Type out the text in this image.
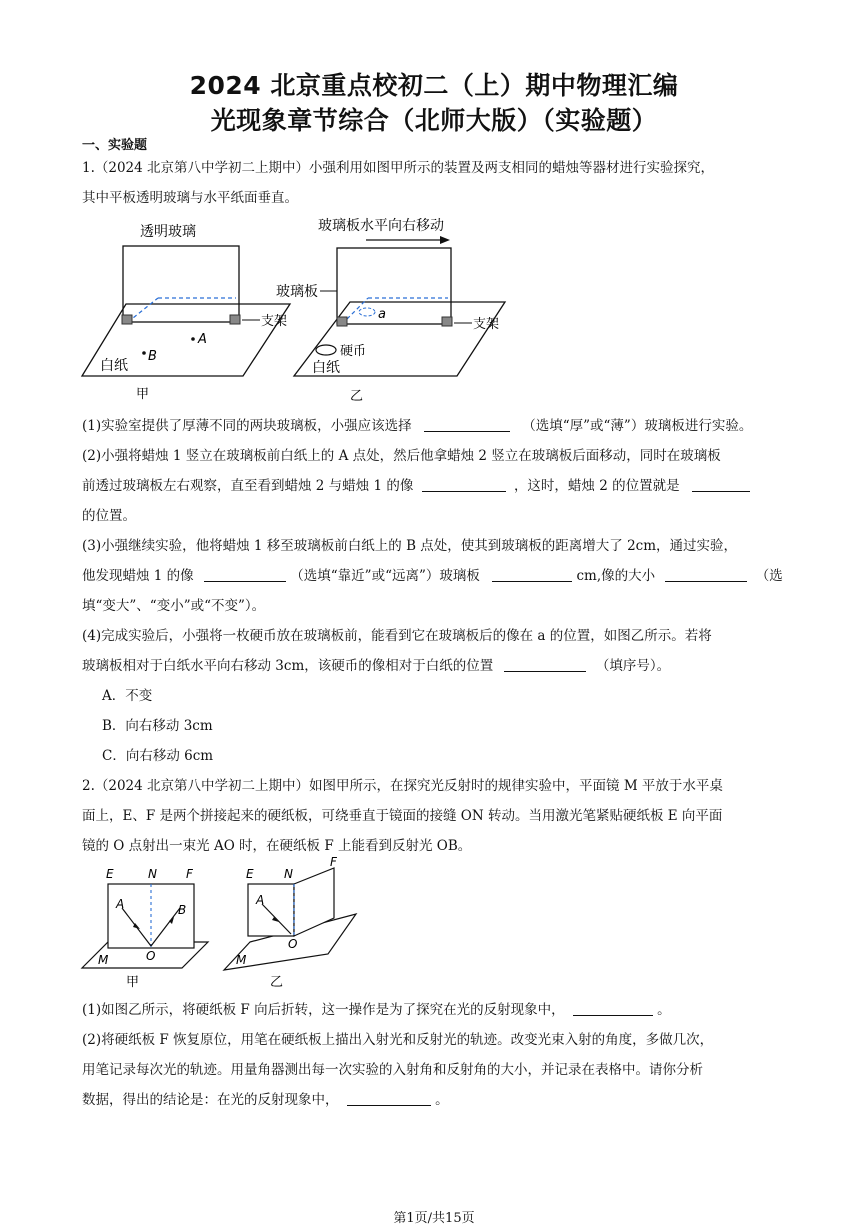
2024 北京重点校初二（上）期中物理汇编
光现象章节综合（北师大版）（实验题）
一、实验题
1.（2024 北京第八中学初二上期中）小强利用如图甲所示的装置及两支相同的蜡烛等器材进行实验探究，
其中平板透明玻璃与水平纸面垂直。
透明玻璃
支架
A
B
白纸
甲
玻璃板水平向右移动
玻璃板
a
支架
硬币
白纸
乙
(1)实验室提供了厚薄不同的两块玻璃板，小强应该选择	（选填“厚”或“薄”）玻璃板进行实验。
(2)小强将蜡烛 1 竖立在玻璃板前白纸上的 A 点处，然后他拿蜡烛 2 竖立在玻璃板后面移动，同时在玻璃板
前透过玻璃板左右观察，直至看到蜡烛 2 与蜡烛 1 的像	，这时，蜡烛 2 的位置就是
的位置。
(3)小强继续实验，他将蜡烛 1 移至玻璃板前白纸上的 B 点处，使其到玻璃板的距离增大了 2cm，通过实验，
他发现蜡烛 1 的像	（选填“靠近”或“远离”）玻璃板	cm,像的大小	（选
填“变大”、“变小”或“不变”）。
(4)完成实验后，小强将一枚硬币放在玻璃板前，能看到它在玻璃板后的像在 a 的位置，如图乙所示。若将
玻璃板相对于白纸水平向右移动 3cm，该硬币的像相对于白纸的位置	（填序号）。
A．不变
B．向右移动 3cm
C．向右移动 6cm
2.（2024 北京第八中学初二上期中）如图甲所示，在探究光反射时的规律实验中，平面镜 M 平放于水平桌
面上，E、F 是两个拼接起来的硬纸板，可绕垂直于镜面的接缝 ON 转动。当用激光笔紧贴硬纸板 E 向平面
镜的 O 点射出一束光 AO 时，在硬纸板 F 上能看到反射光 OB。
E	N F
A	B
O
M
甲
E	N
F
A
O
M
乙
(1)如图乙所示，将硬纸板 F 向后折转，这一操作是为了探究在光的反射现象中，	。
(2)将硬纸板 F 恢复原位，用笔在硬纸板上描出入射光和反射光的轨迹。改变光束入射的角度，多做几次，
用笔记录每次光的轨迹。用量角器测出每一次实验的入射角和反射角的大小，并记录在表格中。请你分析
数据，得出的结论是：在光的反射现象中，	。
第1页/共15页
